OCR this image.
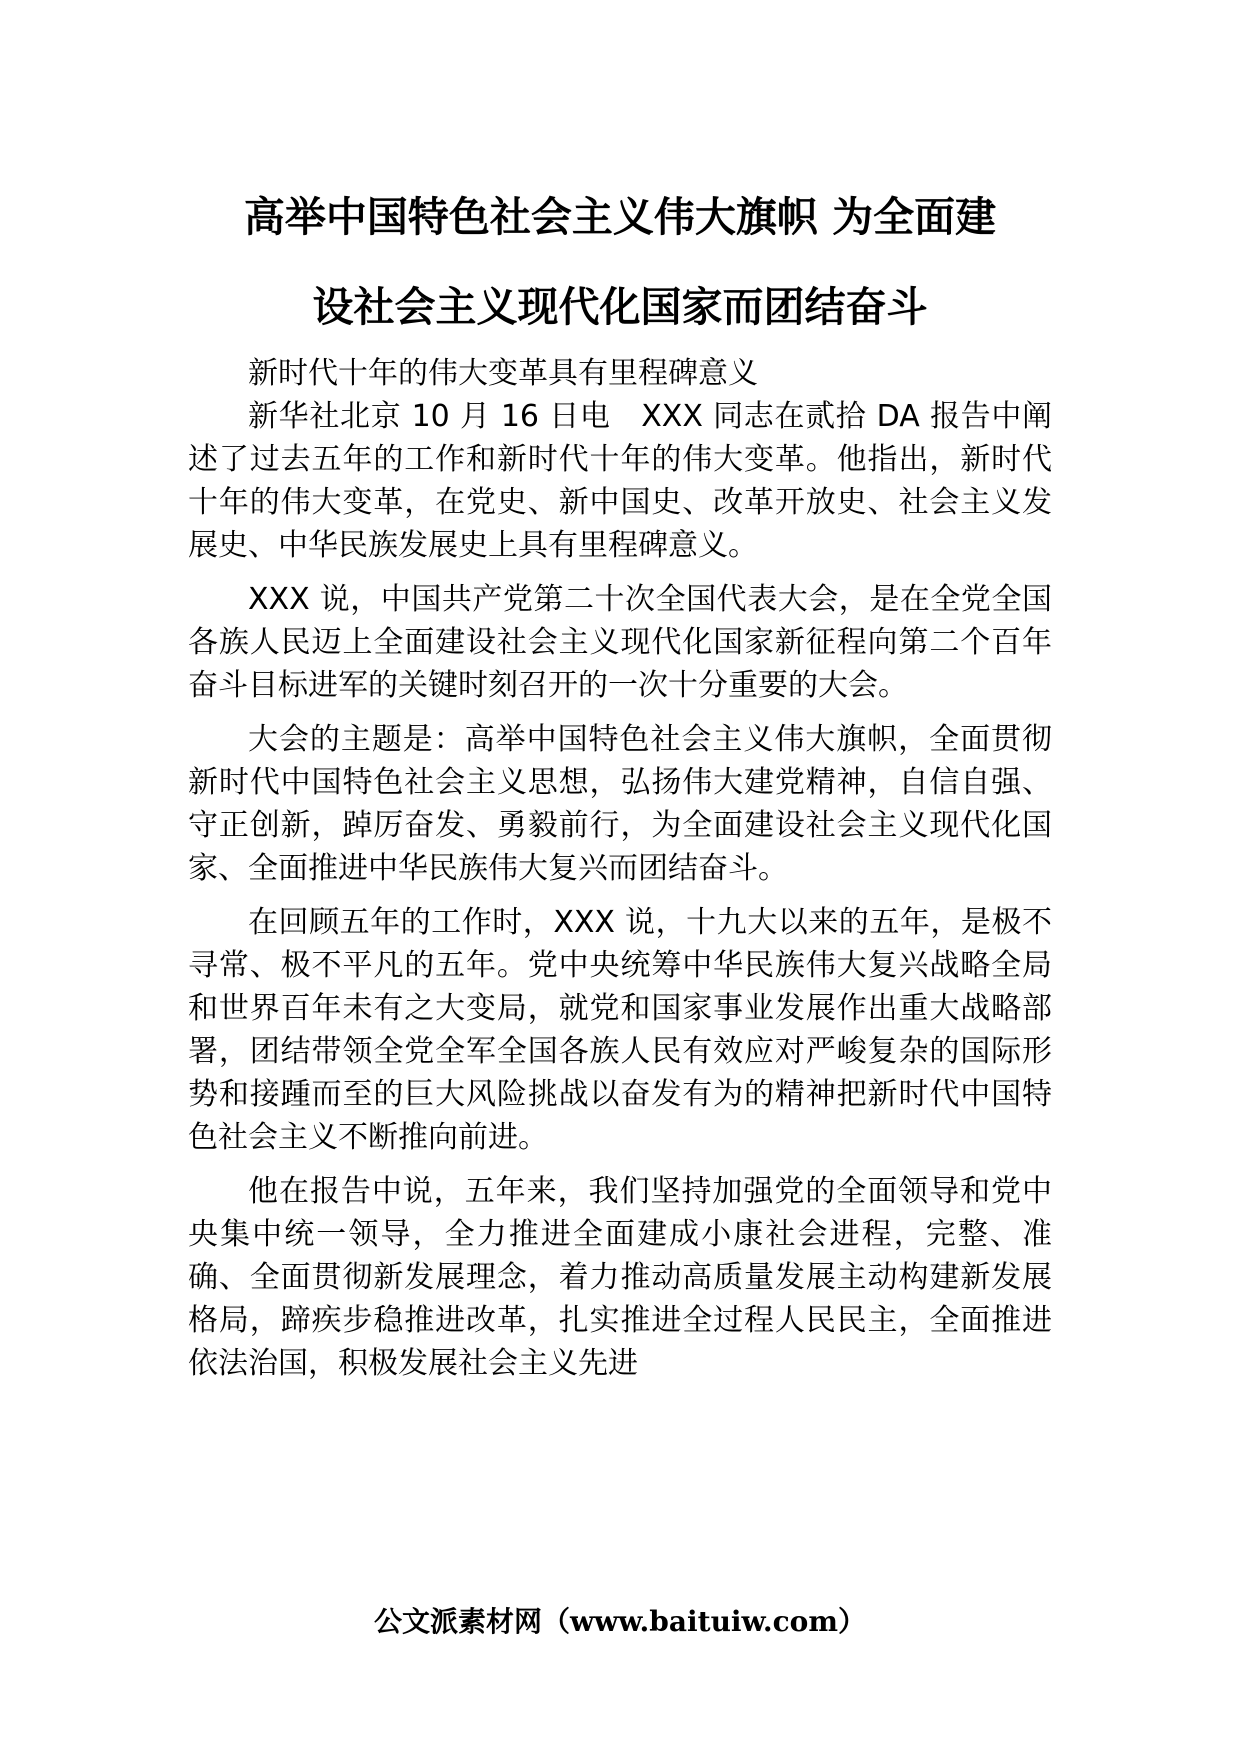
高举中国特色社会主义伟大旗帜 为全面建
设社会主义现代化国家而团结奋斗

新时代十年的伟大变革具有里程碑意义

新华社北京 10 月 16 日电　XXX 同志在贰拾 DA 报告中阐述了过去五年的工作和新时代十年的伟大变革。他指出，新时代十年的伟大变革，在党史、新中国史、改革开放史、社会主义发展史、中华民族发展史上具有里程碑意义。

XXX 说，中国共产党第二十次全国代表大会，是在全党全国各族人民迈上全面建设社会主义现代化国家新征程向第二个百年奋斗目标进军的关键时刻召开的一次十分重要的大会。

大会的主题是：高举中国特色社会主义伟大旗帜，全面贯彻新时代中国特色社会主义思想，弘扬伟大建党精神，自信自强、守正创新，踔厉奋发、勇毅前行，为全面建设社会主义现代化国家、全面推进中华民族伟大复兴而团结奋斗。

在回顾五年的工作时，XXX 说，十九大以来的五年，是极不寻常、极不平凡的五年。党中央统筹中华民族伟大复兴战略全局和世界百年未有之大变局，就党和国家事业发展作出重大战略部署，团结带领全党全军全国各族人民有效应对严峻复杂的国际形势和接踵而至的巨大风险挑战以奋发有为的精神把新时代中国特色社会主义不断推向前进。

他在报告中说，五年来，我们坚持加强党的全面领导和党中央集中统一领导，全力推进全面建成小康社会进程，完整、准确、全面贯彻新发展理念，着力推动高质量发展主动构建新发展格局，蹄疾步稳推进改革，扎实推进全过程人民民主，全面推进依法治国，积极发展社会主义先进

公文派素材网（www.baituiw.com）
